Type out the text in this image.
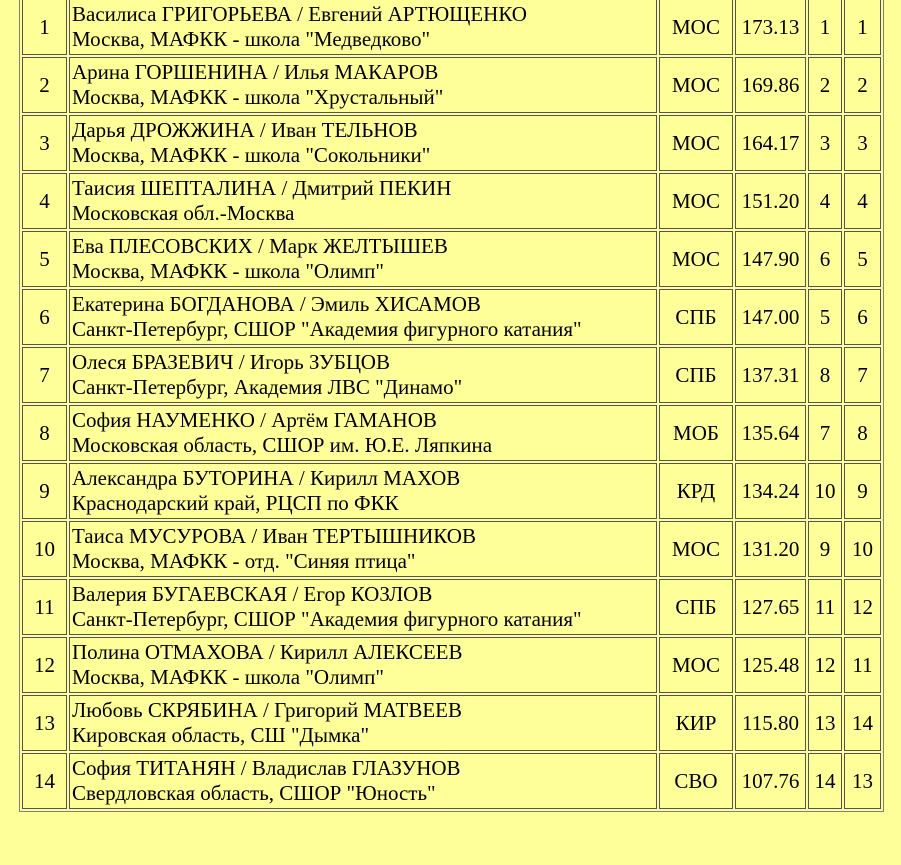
1	Василиса ГРИГОРЬЕВА / Евгений АРТЮЩЕНКО
Москва, МАФКК - школа "Медведково"	МОС	173.13	1	1
2	Арина ГОРШЕНИНА / Илья МАКАРОВ
Москва, МАФКК - школа "Хрустальный"	МОС	169.86	2	2
3	Дарья ДРОЖЖИНА / Иван ТЕЛЬНОВ
Москва, МАФКК - школа "Сокольники"	МОС	164.17	3	3
4	Таисия ШЕПТАЛИНА / Дмитрий ПЕКИН
Московская обл.-Москва	МОС	151.20	4	4
5	Ева ПЛЕСОВСКИХ / Марк ЖЕЛТЫШЕВ
Москва, МАФКК - школа "Олимп"	МОС	147.90	6	5
6	Екатерина БОГДАНОВА / Эмиль ХИСАМОВ
Санкт-Петербург, СШОР "Академия фигурного катания"	СПБ	147.00	5	6
7	Олеся БРАЗЕВИЧ / Игорь ЗУБЦОВ
Санкт-Петербург, Академия ЛВС "Динамо"	СПБ	137.31	8	7
8	София НАУМЕНКО / Артём ГАМАНОВ
Московская область, СШОР им. Ю.Е. Ляпкина	МОБ	135.64	7	8
9	Александра БУТОРИНА / Кирилл МАХОВ
Краснодарский край, РЦСП по ФКК	КРД	134.24	10	9
10	Таиса МУСУРОВА / Иван ТЕРТЫШНИКОВ
Москва, МАФКК - отд. "Синяя птица"	МОС	131.20	9	10
11	Валерия БУГАЕВСКАЯ / Егор КОЗЛОВ
Санкт-Петербург, СШОР "Академия фигурного катания"	СПБ	127.65	11	12
12	Полина ОТМАХОВА / Кирилл АЛЕКСЕЕВ
Москва, МАФКК - школа "Олимп"	МОС	125.48	12	11
13	Любовь СКРЯБИНА / Григорий МАТВЕЕВ
Кировская область, СШ "Дымка"	КИР	115.80	13	14
14	София ТИТАНЯН / Владислав ГЛАЗУНОВ
Свердловская область, СШОР "Юность"	СВО	107.76	14	13
